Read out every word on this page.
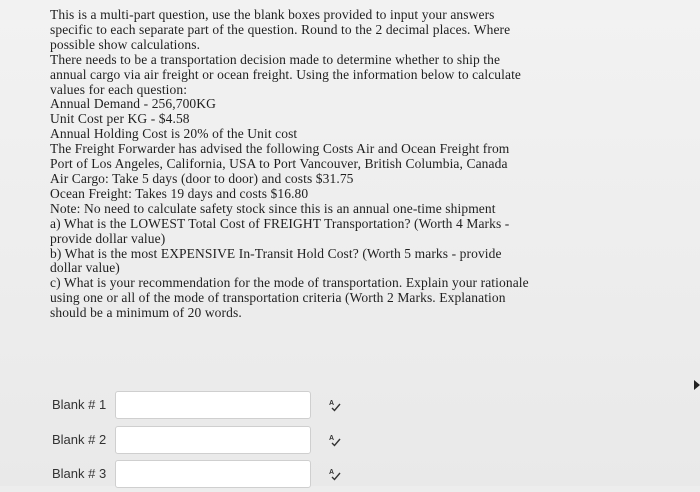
This is a multi-part question, use the blank boxes provided to input your answers
specific to each separate part of the question. Round to the 2 decimal places. Where
possible show calculations.
There needs to be a transportation decision made to determine whether to ship the
annual cargo via air freight or ocean freight. Using the information below to calculate
values for each question:
Annual Demand - 256,700KG
Unit Cost per KG - $4.58
Annual Holding Cost is 20% of the Unit cost
The Freight Forwarder has advised the following Costs Air and Ocean Freight from
Port of Los Angeles, California, USA to Port Vancouver, British Columbia, Canada
Air Cargo: Take 5 days (door to door) and costs $31.75
Ocean Freight: Takes 19 days and costs $16.80
Note: No need to calculate safety stock since this is an annual one-time shipment
a) What is the LOWEST Total Cost of FREIGHT Transportation? (Worth 4 Marks -
provide dollar value)
b) What is the most EXPENSIVE In-Transit Hold Cost? (Worth 5 marks - provide
dollar value)
c) What is your recommendation for the mode of transportation. Explain your rationale
using one or all of the mode of transportation criteria (Worth 2 Marks. Explanation
should be a minimum of 20 words.
Blank # 1	A
Blank # 2	A
Blank # 3	A
